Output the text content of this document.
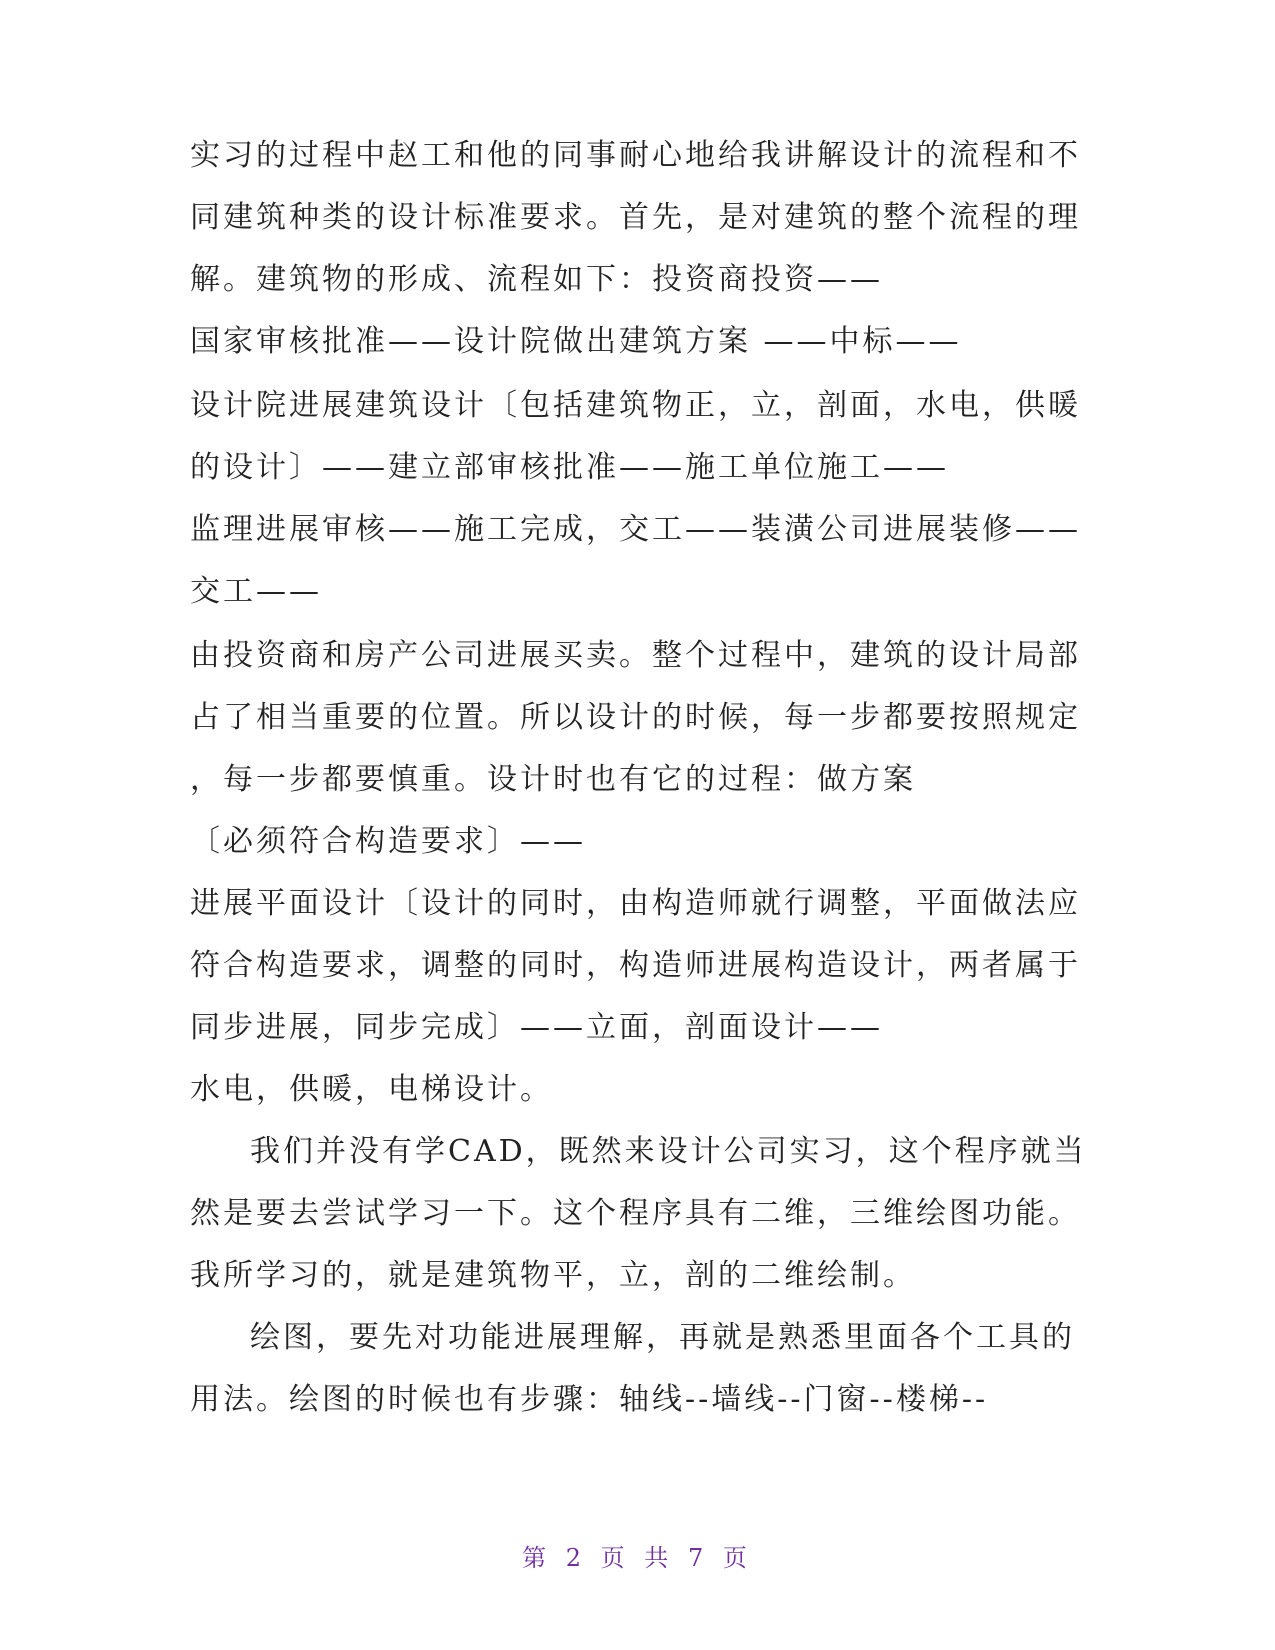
实习的过程中赵工和他的同事耐心地给我讲解设计的流程和不

同建筑种类的设计标准要求。首先，是对建筑的整个流程的理

解。建筑物的形成、流程如下：投资商投资——

国家审核批准——设计院做出建筑方案 ——中标——

设计院进展建筑设计〔包括建筑物正，立，剖面，水电，供暖

的设计〕——建立部审核批准——施工单位施工——

监理进展审核——施工完成，交工——装潢公司进展装修——

交工——

由投资商和房产公司进展买卖。整个过程中，建筑的设计局部

占了相当重要的位置。所以设计的时候，每一步都要按照规定

，每一步都要慎重。设计时也有它的过程：做方案

〔必须符合构造要求〕——

进展平面设计〔设计的同时，由构造师就行调整，平面做法应

符合构造要求，调整的同时，构造师进展构造设计，两者属于

同步进展，同步完成〕——立面，剖面设计——

水电，供暖，电梯设计。

我们并没有学CAD，既然来设计公司实习，这个程序就当

然是要去尝试学习一下。这个程序具有二维，三维绘图功能。

我所学习的，就是建筑物平，立，剖的二维绘制。

绘图，要先对功能进展理解，再就是熟悉里面各个工具的

用法。绘图的时候也有步骤：轴线--墙线--门窗--楼梯--

第 2 页 共 7 页
